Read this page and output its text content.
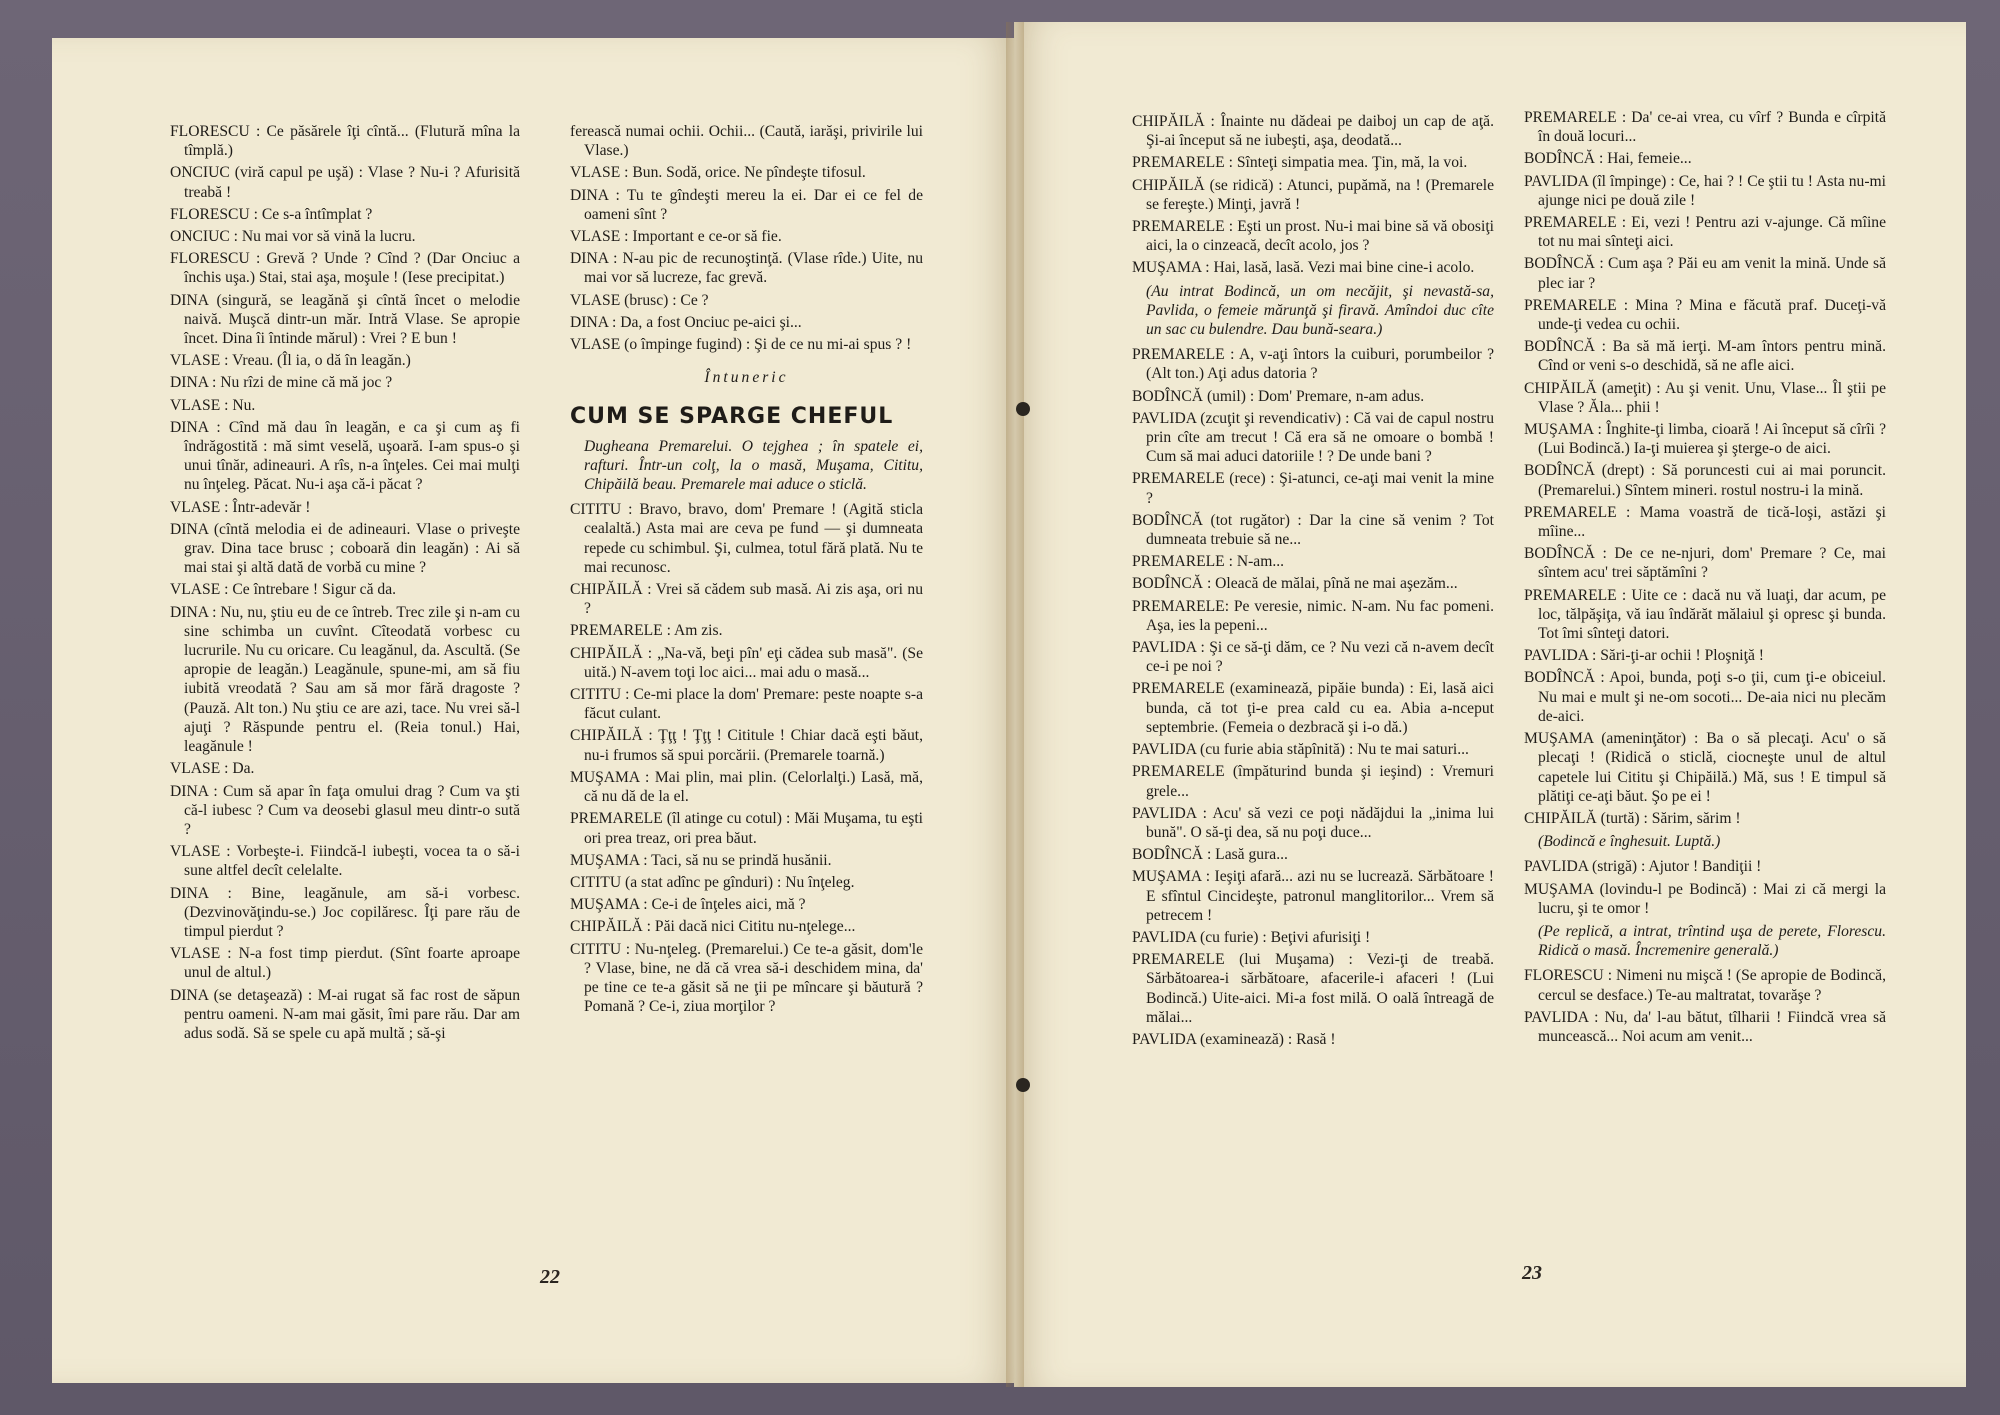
FLORESCU : Ce păsărele îţi cîntă... (Flutură mîna la tîmplă.)

ONCIUC (viră capul pe uşă) : Vlase ? Nu-i ? Afurisită treabă !

FLORESCU : Ce s-a întîmplat ?

ONCIUC : Nu mai vor să vină la lucru.

FLORESCU : Grevă ? Unde ? Cînd ? (Dar Onciuc a închis uşa.) Stai, stai aşa, moşule ! (Iese precipitat.)

DINA (singură, se leagănă şi cîntă încet o melodie naivă. Muşcă dintr-un măr. Intră Vlase. Se apropie încet. Dina îi întinde mărul) : Vrei ? E bun !

VLASE : Vreau. (Îl ia, o dă în leagăn.)

DINA : Nu rîzi de mine că mă joc ?

VLASE : Nu.

DINA : Cînd mă dau în leagăn, e ca şi cum aş fi îndrăgostită : mă simt veselă, uşoară. I-am spus-o şi unui tînăr, adineauri. A rîs, n-a înţeles. Cei mai mulţi nu înţeleg. Păcat. Nu-i aşa că-i păcat ?

VLASE : Într-adevăr !

DINA (cîntă melodia ei de adineauri. Vlase o priveşte grav. Dina tace brusc ; coboară din leagăn) : Ai să mai stai şi altă dată de vorbă cu mine ?

VLASE : Ce întrebare ! Sigur că da.

DINA : Nu, nu, ştiu eu de ce întreb. Trec zile şi n-am cu sine schimba un cuvînt. Cîteodată vorbesc cu lucrurile. Nu cu oricare. Cu leagănul, da. Ascultă. (Se apropie de leagăn.) Leagănule, spune-mi, am să fiu iubită vreodată ? Sau am să mor fără dragoste ? (Pauză. Alt ton.) Nu ştiu ce are azi, tace. Nu vrei să-l ajuţi ? Răspunde pentru el. (Reia tonul.) Hai, leagănule !

VLASE : Da.

DINA : Cum să apar în faţa omului drag ? Cum va şti că-l iubesc ? Cum va deosebi glasul meu dintr-o sută ?

VLASE : Vorbeşte-i. Fiindcă-l iubeşti, vocea ta o să-i sune altfel decît celelalte.

DINA : Bine, leagănule, am să-i vorbesc. (Dezvinovăţindu-se.) Joc copilăresc. Îţi pare rău de timpul pierdut ?

VLASE : N-a fost timp pierdut. (Sînt foarte aproape unul de altul.)

DINA (se detaşează) : M-ai rugat să fac rost de săpun pentru oameni. N-am mai găsit, îmi pare rău. Dar am adus sodă. Să se spele cu apă multă ; să-şi

ferească numai ochii. Ochii... (Caută, iarăşi, privirile lui Vlase.)

VLASE : Bun. Sodă, orice. Ne pîndeşte tifosul.

DINA : Tu te gîndeşti mereu la ei. Dar ei ce fel de oameni sînt ?

VLASE : Important e ce-or să fie.

DINA : N-au pic de recunoştinţă. (Vlase rîde.) Uite, nu mai vor să lucreze, fac grevă.

VLASE (brusc) : Ce ?

DINA : Da, a fost Onciuc pe-aici şi...

VLASE (o împinge fugind) : Şi de ce nu mi-ai spus ? !

Întuneric

CUM SE SPARGE CHEFUL

Dugheana Premarelui. O tejghea ; în spatele ei, rafturi. Într-un colţ, la o masă, Muşama, Cititu, Chipăilă beau. Premarele mai aduce o sticlă.

CITITU : Bravo, bravo, dom' Premare ! (Agită sticla cealaltă.) Asta mai are ceva pe fund — şi dumneata repede cu schimbul. Şi, culmea, totul fără plată. Nu te mai recunosc.

CHIPĂILĂ : Vrei să cădem sub masă. Ai zis aşa, ori nu ?

PREMARELE : Am zis.

CHIPĂILĂ : „Na-vă, beţi pîn' eţi cădea sub masă". (Se uită.) N-avem toţi loc aici... mai adu o masă...

CITITU : Ce-mi place la dom' Premare: peste noapte s-a făcut culant.

CHIPĂILĂ : Ţţţ ! Ţţţ ! Cititule ! Chiar dacă eşti băut, nu-i frumos să spui porcării. (Premarele toarnă.)

MUŞAMA : Mai plin, mai plin. (Celorlalţi.) Lasă, mă, că nu dă de la el.

PREMARELE (îl atinge cu cotul) : Măi Muşama, tu eşti ori prea treaz, ori prea băut.

MUŞAMA : Taci, să nu se prindă husănii.

CITITU (a stat adînc pe gînduri) : Nu înţeleg.

MUŞAMA : Ce-i de înţeles aici, mă ?

CHIPĂILĂ : Păi dacă nici Cititu nu-nţelege...

CITITU : Nu-nţeleg. (Premarelui.) Ce te-a găsit, dom'le ? Vlase, bine, ne dă că vrea să-i deschidem mina, da' pe tine ce te-a găsit să ne ţii pe mîncare şi băutură ? Pomană ? Ce-i, ziua morţilor ?

22

CHIPĂILĂ : Înainte nu dădeai pe daiboj un cap de aţă. Şi-ai început să ne iubeşti, aşa, deodată...

PREMARELE : Sînteţi simpatia mea. Ţin, mă, la voi.

CHIPĂILĂ (se ridică) : Atunci, pupămă, na ! (Premarele se fereşte.) Minţi, javră !

PREMARELE : Eşti un prost. Nu-i mai bine să vă obosiţi aici, la o cinzeacă, decît acolo, jos ?

MUŞAMA : Hai, lasă, lasă. Vezi mai bine cine-i acolo.

(Au intrat Bodincă, un om necăjit, şi nevastă-sa, Pavlida, o femeie mărunţă şi firavă. Amîndoi duc cîte un sac cu bulendre. Dau bună-seara.)

PREMARELE : A, v-aţi întors la cuiburi, porumbeilor ? (Alt ton.) Aţi adus datoria ?

BODÎNCĂ (umil) : Dom' Premare, n-am adus.

PAVLIDA (zcuţit şi revendicativ) : Că vai de capul nostru prin cîte am trecut ! Că era să ne omoare o bombă ! Cum să mai aduci datoriile ! ? De unde bani ?

PREMARELE (rece) : Şi-atunci, ce-aţi mai venit la mine ?

BODÎNCĂ (tot rugător) : Dar la cine să venim ? Tot dumneata trebuie să ne...

PREMARELE : N-am...

BODÎNCĂ : Oleacă de mălai, pînă ne mai aşezăm...

PREMARELE: Pe veresie, nimic. N-am. Nu fac pomeni. Aşa, ies la pepeni...

PAVLIDA : Şi ce să-ţi dăm, ce ? Nu vezi că n-avem decît ce-i pe noi ?

PREMARELE (examinează, pipăie bunda) : Ei, lasă aici bunda, că tot ţi-e prea cald cu ea. Abia a-nceput septembrie. (Femeia o dezbracă şi i-o dă.)

PAVLIDA (cu furie abia stăpînită) : Nu te mai saturi...

PREMARELE (împăturind bunda şi ieşind) : Vremuri grele...

PAVLIDA : Acu' să vezi ce poţi nădăjdui la „inima lui bună". O să-ţi dea, să nu poţi duce...

BODÎNCĂ : Lasă gura...

MUŞAMA : Ieşiţi afară... azi nu se lucrează. Sărbătoare ! E sfîntul Cincideşte, patronul manglitorilor... Vrem să petrecem !

PAVLIDA (cu furie) : Beţivi afurisiţi !

PREMARELE (lui Muşama) : Vezi-ţi de treabă. Sărbătoarea-i sărbătoare, afacerile-i afaceri ! (Lui Bodincă.) Uite-aici. Mi-a fost milă. O oală întreagă de mălai...

PAVLIDA (examinează) : Rasă !

PREMARELE : Da' ce-ai vrea, cu vîrf ? Bunda e cîrpită în două locuri...

BODÎNCĂ : Hai, femeie...

PAVLIDA (îl împinge) : Ce, hai ? ! Ce ştii tu ! Asta nu-mi ajunge nici pe două zile !

PREMARELE : Ei, vezi ! Pentru azi v-ajunge. Că mîine tot nu mai sînteţi aici.

BODÎNCĂ : Cum aşa ? Păi eu am venit la mină. Unde să plec iar ?

PREMARELE : Mina ? Mina e făcută praf. Duceţi-vă unde-ţi vedea cu ochii.

BODÎNCĂ : Ba să mă ierţi. M-am întors pentru mină. Cînd or veni s-o deschidă, să ne afle aici.

CHIPĂILĂ (ameţit) : Au şi venit. Unu, Vlase... Îl ştii pe Vlase ? Ăla... phii !

MUŞAMA : Înghite-ţi limba, cioară ! Ai început să cîrîi ? (Lui Bodincă.) Ia-ţi muierea şi şterge-o de aici.

BODÎNCĂ (drept) : Să poruncesti cui ai mai poruncit. (Premarelui.) Sîntem mineri. rostul nostru-i la mină.

PREMARELE : Mama voastră de tică-loşi, astăzi şi mîine...

BODÎNCĂ : De ce ne-njuri, dom' Premare ? Ce, mai sîntem acu' trei săptămîni ?

PREMARELE : Uite ce : dacă nu vă luaţi, dar acum, pe loc, tălpăşiţa, vă iau îndărăt mălaiul şi opresc şi bunda. Tot îmi sînteţi datori.

PAVLIDA : Sări-ţi-ar ochii ! Ploşniţă !

BODÎNCĂ : Apoi, bunda, poţi s-o ţii, cum ţi-e obiceiul. Nu mai e mult şi ne-om socoti... De-aia nici nu plecăm de-aici.

MUŞAMA (ameninţător) : Ba o să plecaţi. Acu' o să plecaţi ! (Ridică o sticlă, ciocneşte unul de altul capetele lui Cititu şi Chipăilă.) Mă, sus ! E timpul să plătiţi ce-aţi băut. Şo pe ei !

CHIPĂILĂ (turtă) : Sărim, sărim !

(Bodincă e înghesuit. Luptă.)

PAVLIDA (strigă) : Ajutor ! Bandiţii !

MUŞAMA (lovindu-l pe Bodincă) : Mai zi că mergi la lucru, şi te omor !

(Pe replică, a intrat, trîntind uşa de perete, Florescu. Ridică o masă. Încremenire generală.)

FLORESCU : Nimeni nu mişcă ! (Se apropie de Bodincă, cercul se desface.) Te-au maltratat, tovarăşe ?

PAVLIDA : Nu, da' l-au bătut, tîlharii ! Fiindcă vrea să muncească... Noi acum am venit...

23
